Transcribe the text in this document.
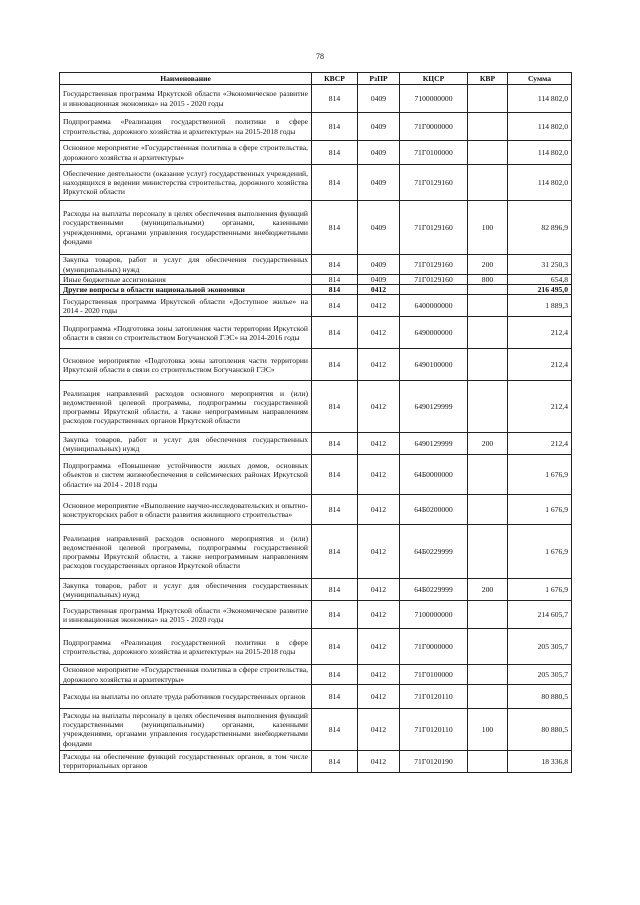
78
Наименование	КВСР	РзПР	КЦСР	КВР	Сумма
Государственная программа Иркутской области «Экономическое развитие и инновационная экономика» на 2015 - 2020 годы	814	0409	7100000000		114 802,0
Подпрограмма «Реализация государственной политики в сфере строительства, дорожного хозяйства и архитектуры» на 2015-2018 годы	814	0409	71Г0000000		114 802,0
Основное мероприятие «Государственная политика в сфере строительства, дорожного хозяйства и архитектуры»	814	0409	71Г0100000		114 802,0
Обеспечение деятельности (оказание услуг) государственных учреждений, находящихся в ведении министерства строительства, дорожного хозяйства Иркутской области	814	0409	71Г0129160		114 802,0
Расходы на выплаты персоналу в целях обеспечения выполнения функций государственными (муниципальными) органами, казенными учреждениями, органами управления государственными внебюджетными фондами	814	0409	71Г0129160	100	82 896,9
Закупка товаров, работ и услуг для обеспечения государственных (муниципальных) нужд	814	0409	71Г0129160	200	31 250,3
Иные бюджетные ассигнования	814	0409	71Г0129160	800	654,8
Другие вопросы в области национальной экономики	814	0412			216 495,0
Государственная программа Иркутской области «Доступное жилье» на 2014 - 2020 годы	814	0412	6400000000		1 889,3
Подпрограмма «Подготовка зоны затопления части территории Иркутской области в связи со строительством Богучанской ГЭС» на 2014-2016 годы	814	0412	6490000000		212,4
Основное мероприятие «Подготовка зоны затопления части территории Иркутской области в связи со строительством Богучанской ГЭС»	814	0412	6490100000		212,4
Реализация направлений расходов основного мероприятия и (или) ведомственной целевой программы, подпрограммы государственной программы Иркутской области, а также непрограммным направлениям расходов государственных органов Иркутской области	814	0412	6490129999		212,4
Закупка товаров, работ и услуг для обеспечения государственных (муниципальных) нужд	814	0412	6490129999	200	212,4
Подпрограмма «Повышение устойчивости жилых домов, основных объектов и систем жизнеобеспечения в сейсмических районах Иркутской области» на 2014 - 2018 годы	814	0412	64Б0000000		1 676,9
Основное мероприятие «Выполнение научно-исследовательских и опытно-конструкторских работ в области развития жилищного строительства»	814	0412	64Б0200000		1 676,9
Реализация направлений расходов основного мероприятия и (или) ведомственной целевой программы, подпрограммы государственной программы Иркутской области, а также непрограммным направлениям расходов государственных органов Иркутской области	814	0412	64Б0229999		1 676,9
Закупка товаров, работ и услуг для обеспечения государственных (муниципальных) нужд	814	0412	64Б0229999	200	1 676,9
Государственная программа Иркутской области «Экономическое развитие и инновационная экономика» на 2015 - 2020 годы	814	0412	7100000000		214 605,7
Подпрограмма «Реализация государственной политики в сфере строительства, дорожного хозяйства и архитектуры» на 2015-2018 годы	814	0412	71Г0000000		205 305,7
Основное мероприятие «Государственная политика в сфере строительства, дорожного хозяйства и архитектуры»	814	0412	71Г0100000		205 305,7
Расходы на выплаты по оплате труда работников государственных органов	814	0412	71Г0120110		80 880,5
Расходы на выплаты персоналу в целях обеспечения выполнения функций государственными (муниципальными) органами, казенными учреждениями, органами управления государственными внебюджетными фондами	814	0412	71Г0120110	100	80 880,5
Расходы на обеспечение функций государственных органов, в том числе территориальных органов	814	0412	71Г0120190		18 336,8
